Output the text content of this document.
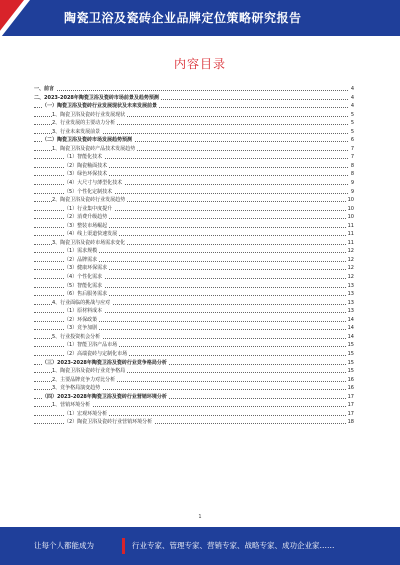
陶瓷卫浴及瓷砖企业品牌定位策略研究报告
内容目录
一、前言	4
二、2023-2028年陶瓷卫浴及瓷砖市场前景及趋势预测	4
（一）陶瓷卫浴及瓷砖行业发展现状及未来发展前景	4
1、陶瓷卫浴及瓷砖行业发展现状	5
2、行业发展的主要动力分析	5
3、行业未来发展前景	5
（二）陶瓷卫浴及瓷砖市场发展趋势预测	6
1、陶瓷卫浴及瓷砖产品技术发展趋势	7
（1）智能化技术	7
（2）陶瓷釉面技术	8
（3）绿色环保技术	8
（4）大尺寸与薄型化技术	9
（5）个性化定制技术	9
2、陶瓷卫浴及瓷砖行业发展趋势	10
（1）行业集中度提升	10
（2）消费升级趋势	10
（3）整装市场崛起	11
（4）线上渠道快速发展	11
3、陶瓷卫浴及瓷砖市场需求变化	11
（1）需求规模	12
（2）品牌需求	12
（3）健康环保需求	12
（4）个性化需求	12
（5）智能化需求	13
（6）售后服务需求	13
4、行业面临的挑战与应对	13
（1）原材料成本	13
（2）环保政策	14
（3）竞争加剧	14
5、行业投资机会分析	14
（1）智能卫浴产品市场	15
（2）高端瓷砖与定制化市场	15
（三）2023-2028年陶瓷卫浴及瓷砖行业竞争格局分析	15
1、陶瓷卫浴及瓷砖行业竞争格局	15
2、主要品牌竞争力对比分析	16
3、竞争格局演变趋势	16
（四）2023-2028年陶瓷卫浴及瓷砖行业营销环境分析	17
1、营销环境分析	17
（1）宏观环境分析	17
（2）陶瓷卫浴及瓷砖行业营销环境分析	18
1
让每个人都能成为	行业专家、管理专家、营销专家、战略专家、成功企业家……
